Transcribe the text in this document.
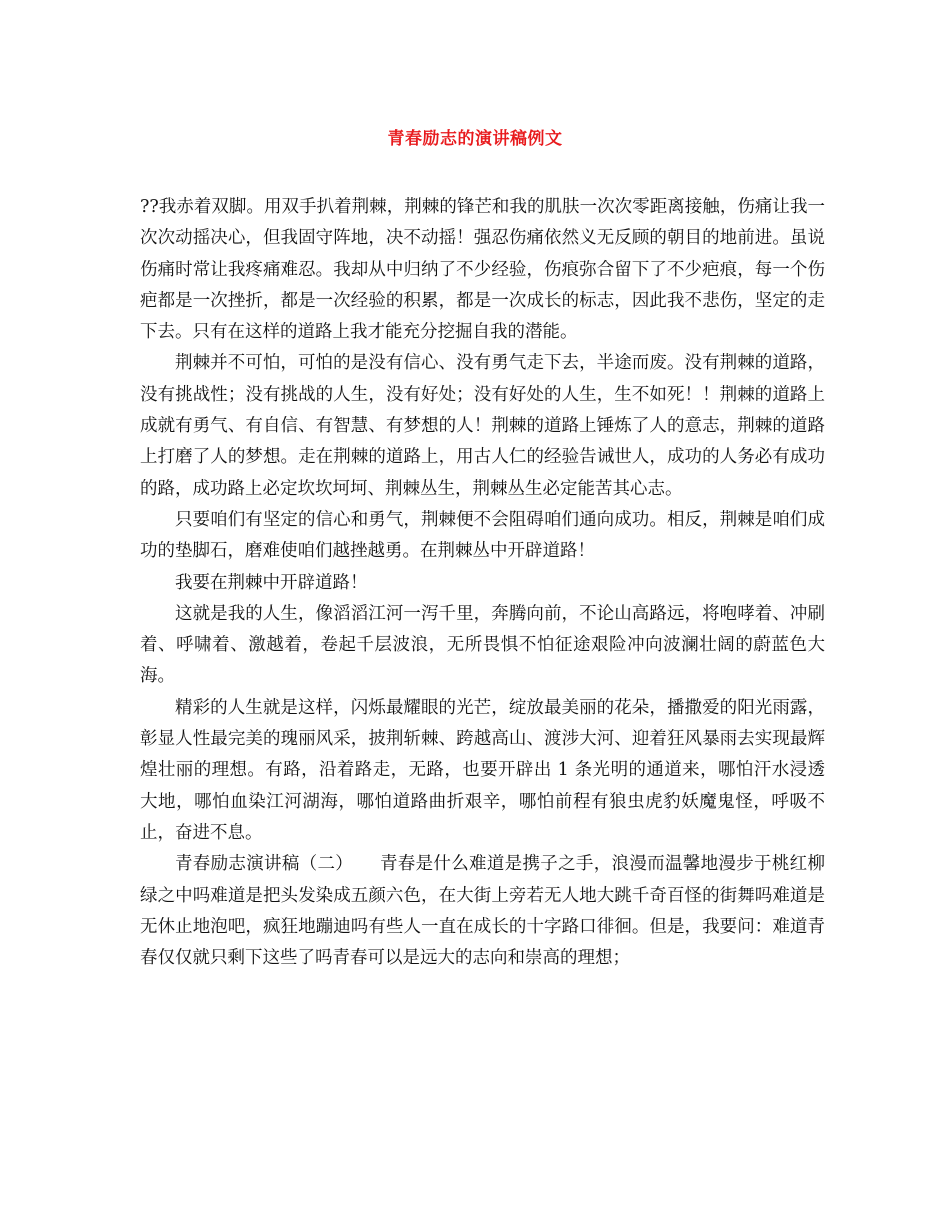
青春励志的演讲稿例文

??我赤着双脚。用双手扒着荆棘，荆棘的锋芒和我的肌肤一次次零距离接触，伤痛让我一次次动摇决心，但我固守阵地，决不动摇！强忍伤痛依然义无反顾的朝目的地前进。虽说伤痛时常让我疼痛难忍。我却从中归纳了不少经验，伤痕弥合留下了不少疤痕，每一个伤疤都是一次挫折，都是一次经验的积累，都是一次成长的标志，因此我不悲伤，坚定的走下去。只有在这样的道路上我才能充分挖掘自我的潜能。

荆棘并不可怕，可怕的是没有信心、没有勇气走下去，半途而废。没有荆棘的道路，没有挑战性；没有挑战的人生，没有好处；没有好处的人生，生不如死！！荆棘的道路上成就有勇气、有自信、有智慧、有梦想的人！荆棘的道路上锤炼了人的意志，荆棘的道路上打磨了人的梦想。走在荆棘的道路上，用古人仁的经验告诫世人，成功的人务必有成功的路，成功路上必定坎坎坷坷、荆棘丛生，荆棘丛生必定能苦其心志。

只要咱们有坚定的信心和勇气，荆棘便不会阻碍咱们通向成功。相反，荆棘是咱们成功的垫脚石，磨难使咱们越挫越勇。在荆棘丛中开辟道路！

我要在荆棘中开辟道路！

这就是我的人生，像滔滔江河一泻千里，奔腾向前，不论山高路远，将咆哮着、冲刷着、呼啸着、激越着，卷起千层波浪，无所畏惧不怕征途艰险冲向波澜壮阔的蔚蓝色大海。

精彩的人生就是这样，闪烁最耀眼的光芒，绽放最美丽的花朵，播撒爱的阳光雨露，彰显人性最完美的瑰丽风采，披荆斩棘、跨越高山、渡涉大河、迎着狂风暴雨去实现最辉煌壮丽的理想。有路，沿着路走，无路，也要开辟出 1 条光明的通道来，哪怕汗水浸透大地，哪怕血染江河湖海，哪怕道路曲折艰辛，哪怕前程有狼虫虎豹妖魔鬼怪，呼吸不止，奋进不息。

青春励志演讲稿（二）　　青春是什么难道是携子之手，浪漫而温馨地漫步于桃红柳绿之中吗难道是把头发染成五颜六色，在大街上旁若无人地大跳千奇百怪的街舞吗难道是无休止地泡吧，疯狂地蹦迪吗有些人一直在成长的十字路口徘徊。但是，我要问：难道青春仅仅就只剩下这些了吗青春可以是远大的志向和崇高的理想；
